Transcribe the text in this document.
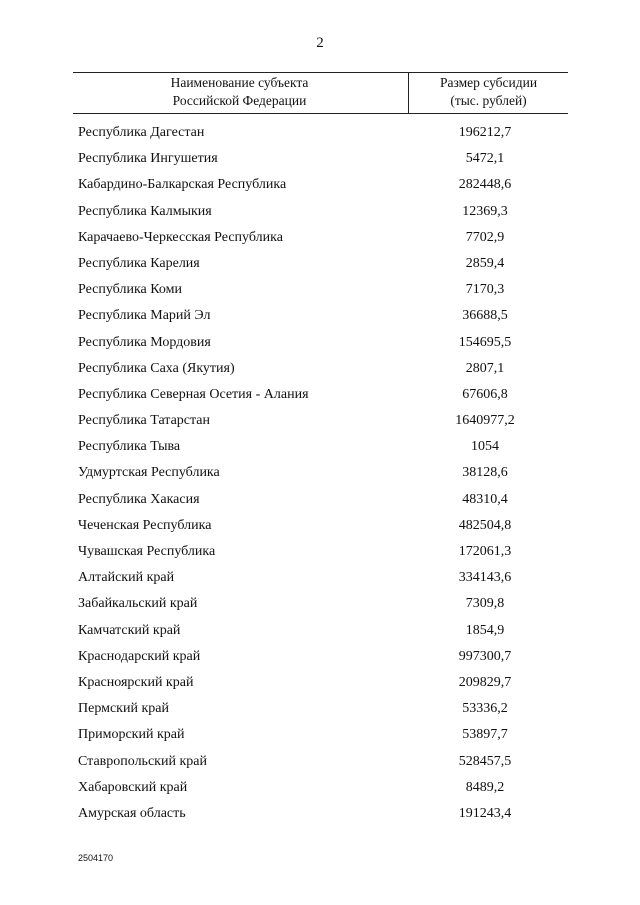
2
Наименование субъекта
Российской Федерации
Размер субсидии
(тыс. рублей)
Республика Дагестан	196212,7
Республика Ингушетия	5472,1
Кабардино-Балкарская Республика	282448,6
Республика Калмыкия	12369,3
Карачаево-Черкесская Республика	7702,9
Республика Карелия	2859,4
Республика Коми	7170,3
Республика Марий Эл	36688,5
Республика Мордовия	154695,5
Республика Саха (Якутия)	2807,1
Республика Северная Осетия - Алания	67606,8
Республика Татарстан	1640977,2
Республика Тыва	1054
Удмуртская Республика	38128,6
Республика Хакасия	48310,4
Чеченская Республика	482504,8
Чувашская Республика	172061,3
Алтайский край	334143,6
Забайкальский край	7309,8
Камчатский край	1854,9
Краснодарский край	997300,7
Красноярский край	209829,7
Пермский край	53336,2
Приморский край	53897,7
Ставропольский край	528457,5
Хабаровский край	8489,2
Амурская область	191243,4
2504170
